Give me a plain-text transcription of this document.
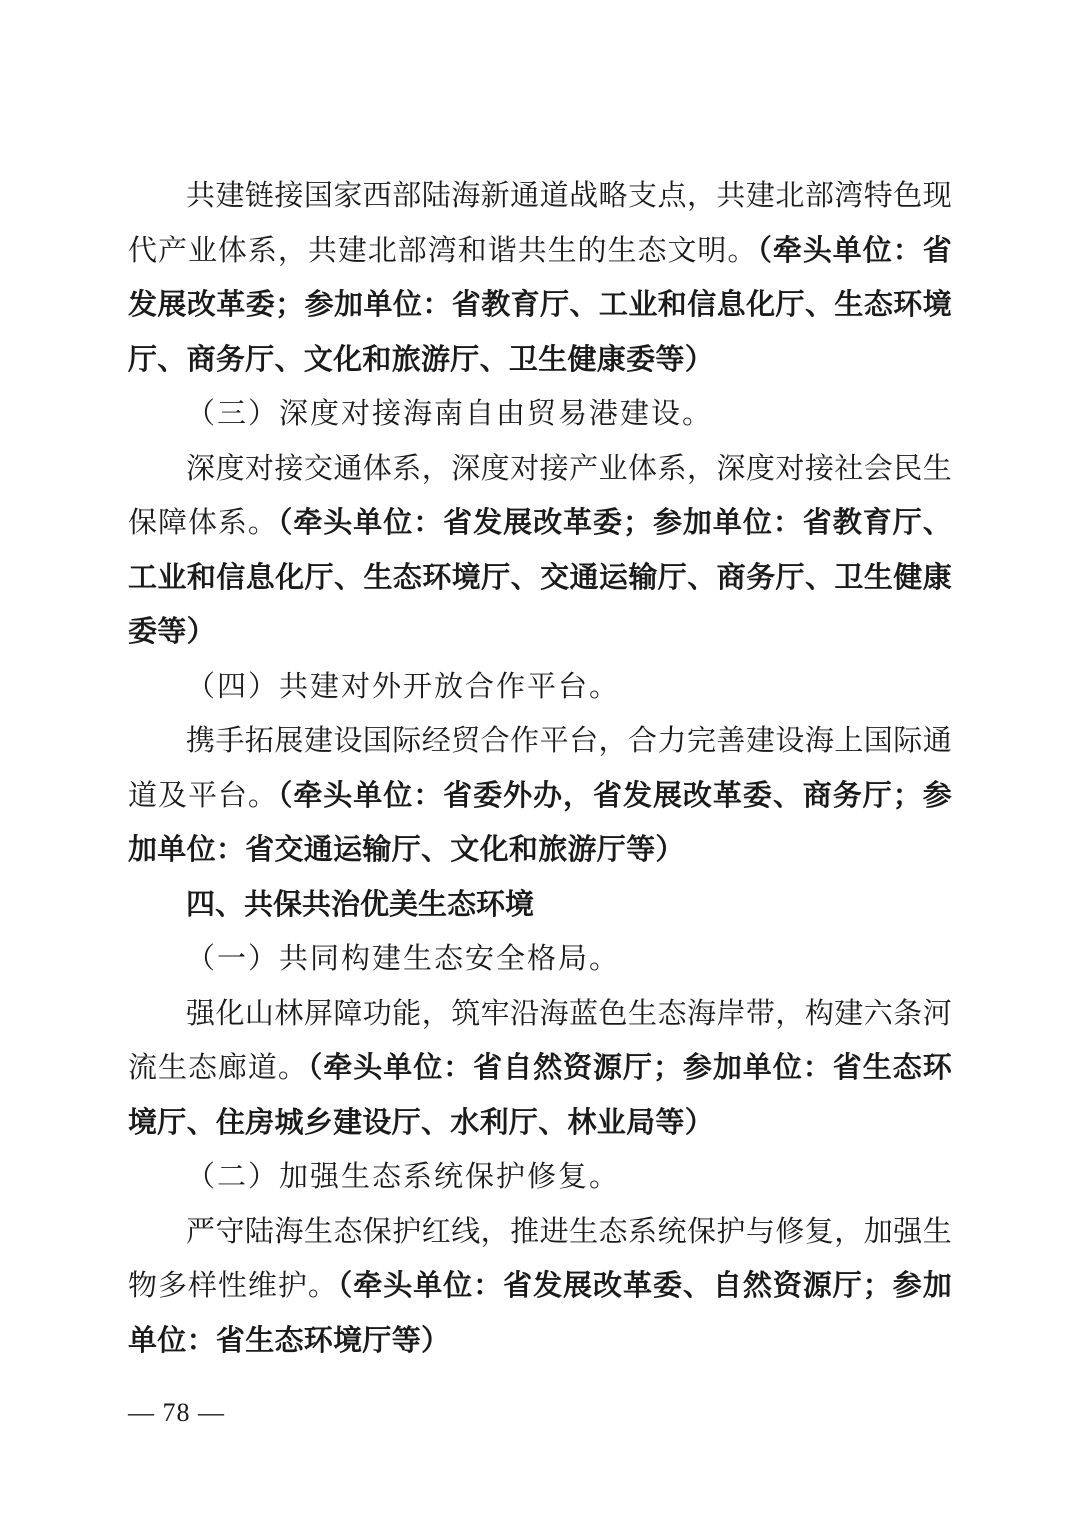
共建链接国家西部陆海新通道战略支点，共建北部湾特色现代产业体系，共建北部湾和谐共生的生态文明。（牵头单位：省发展改革委；参加单位：省教育厅、工业和信息化厅、生态环境厅、商务厅、文化和旅游厅、卫生健康委等）

（三）深度对接海南自由贸易港建设。

深度对接交通体系，深度对接产业体系，深度对接社会民生保障体系。（牵头单位：省发展改革委；参加单位：省教育厅、工业和信息化厅、生态环境厅、交通运输厅、商务厅、卫生健康委等）

（四）共建对外开放合作平台。

携手拓展建设国际经贸合作平台，合力完善建设海上国际通道及平台。（牵头单位：省委外办，省发展改革委、商务厅；参加单位：省交通运输厅、文化和旅游厅等）

四、共保共治优美生态环境

（一）共同构建生态安全格局。

强化山林屏障功能，筑牢沿海蓝色生态海岸带，构建六条河流生态廊道。（牵头单位：省自然资源厅；参加单位：省生态环境厅、住房城乡建设厅、水利厅、林业局等）

（二）加强生态系统保护修复。

严守陆海生态保护红线，推进生态系统保护与修复，加强生物多样性维护。（牵头单位：省发展改革委、自然资源厅；参加单位：省生态环境厅等）

— 78 —
